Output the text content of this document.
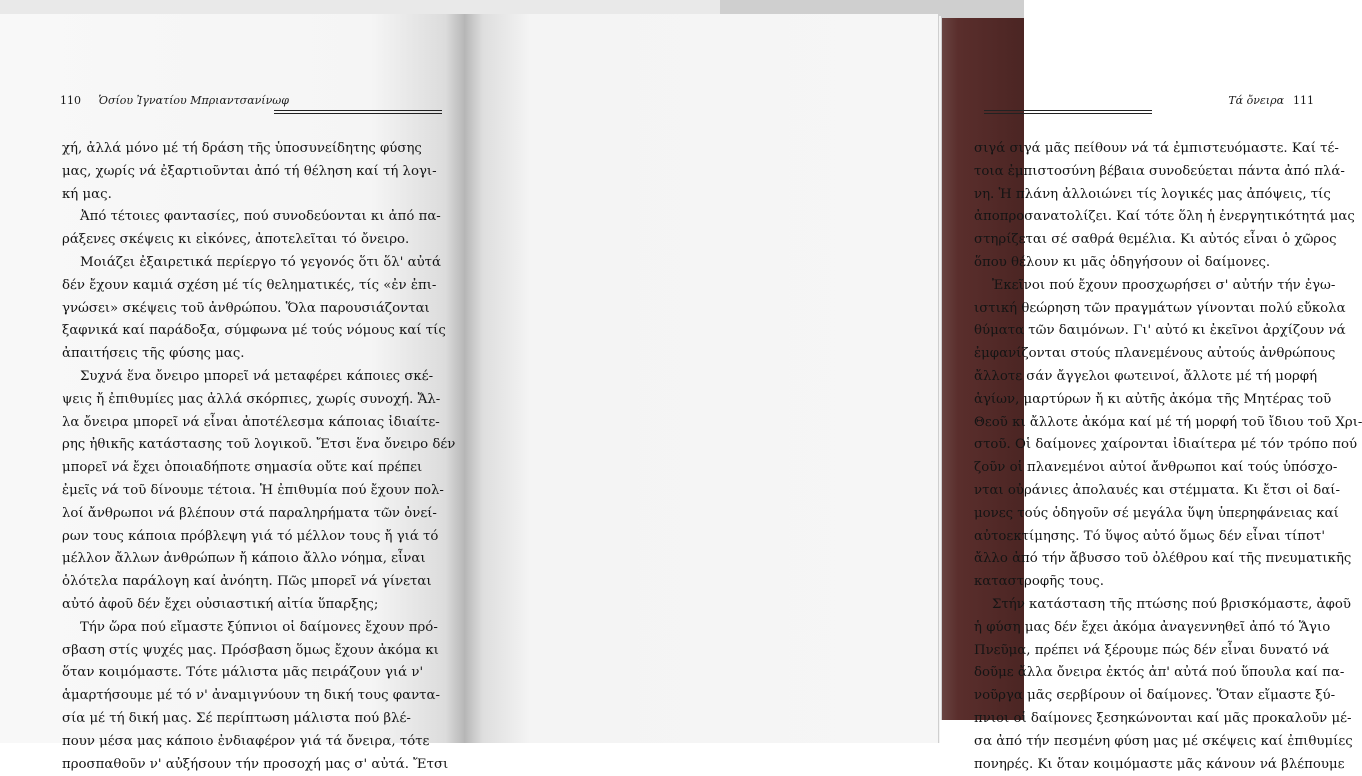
110 Ὁσίου Ἰγνατίου Μπριαντσανίνωφ
χή, ἀλλά μόνο μέ τή δράση τῆς ὑποσυνείδητης φύσης
μας, χωρίς νά ἐξαρτιοῦνται ἀπό τή θέληση καί τή λογι-
κή μας.
Ἀπό τέτοιες φαντασίες, πού συνοδεύονται κι ἀπό πα-
ράξενες σκέψεις κι εἰκόνες, ἀποτελεῖται τό ὄνειρο.
Μοιάζει ἐξαιρετικά περίεργο τό γεγονός ὅτι ὅλ' αὐτά
δέν ἔχουν καμιά σχέση μέ τίς θεληματικές, τίς «ἐν ἐπι-
γνώσει» σκέψεις τοῦ ἀνθρώπου. Ὅλα παρουσιάζονται
ξαφνικά καί παράδοξα, σύμφωνα μέ τούς νόμους καί τίς
ἀπαιτήσεις τῆς φύσης μας.
Συχνά ἕνα ὄνειρο μπορεῖ νά μεταφέρει κάποιες σκέ-
ψεις ἤ ἐπιθυμίες μας ἀλλά σκόρπιες, χωρίς συνοχή. Ἄλ-
λα ὄνειρα μπορεῖ νά εἶναι ἀποτέλεσμα κάποιας ἰδιαίτε-
ρης ἠθικῆς κατάστασης τοῦ λογικοῦ. Ἔτσι ἕνα ὄνειρο δέν
μπορεῖ νά ἔχει ὁποιαδήποτε σημασία οὔτε καί πρέπει
ἐμεῖς νά τοῦ δίνουμε τέτοια. Ἡ ἐπιθυμία πού ἔχουν πολ-
λοί ἄνθρωποι νά βλέπουν στά παραληρήματα τῶν ὀνεί-
ρων τους κάποια πρόβλεψη γιά τό μέλλον τους ἤ γιά τό
μέλλον ἄλλων ἀνθρώπων ἤ κάποιο ἄλλο νόημα, εἶναι
ὁλότελα παράλογη καί ἀνόητη. Πῶς μπορεῖ νά γίνεται
αὐτό ἀφοῦ δέν ἔχει οὐσιαστική αἰτία ὕπαρξης;
Τήν ὥρα πού εἴμαστε ξύπνιοι οἱ δαίμονες ἔχουν πρό-
σβαση στίς ψυχές μας. Πρόσβαση ὅμως ἔχουν ἀκόμα κι
ὅταν κοιμόμαστε. Τότε μάλιστα μᾶς πειράζουν γιά ν'
ἁμαρτήσουμε μέ τό ν' ἀναμιγνύουν τη δική τους φαντα-
σία μέ τή δική μας. Σέ περίπτωση μάλιστα πού βλέ-
πουν μέσα μας κάποιο ἐνδιαφέρον γιά τά ὄνειρα, τότε
προσπαθοῦν ν' αὐξήσουν τήν προσοχή μας σ' αὐτά. Ἔτσι
Τά ὄνειρα 111
σιγά σιγά μᾶς πείθουν νά τά ἐμπιστευόμαστε. Καί τέ-
τοια ἐμπιστοσύνη βέβαια συνοδεύεται πάντα ἀπό πλά-
νη. Ἡ πλάνη ἀλλοιώνει τίς λογικές μας ἀπόψεις, τίς
ἀποπροσανατολίζει. Καί τότε ὅλη ἡ ἐνεργητικότητά μας
στηρίζεται σέ σαθρά θεμέλια. Κι αὐτός εἶναι ὁ χῶρος
ὅπου θέλουν κι μᾶς ὁδηγήσουν οἱ δαίμονες.
Ἐκεῖνοι πού ἔχουν προσχωρήσει σ' αὐτήν τήν ἐγω-
ιστική θεώρηση τῶν πραγμάτων γίνονται πολύ εὔκολα
θύματα τῶν δαιμόνων. Γι' αὐτό κι ἐκεῖνοι ἀρχίζουν νά
ἐμφανίζονται στούς πλανεμένους αὐτούς ἀνθρώπους
ἄλλοτε σάν ἄγγελοι φωτεινοί, ἄλλοτε μέ τή μορφή
ἁγίων, μαρτύρων ἤ κι αὐτῆς ἀκόμα τῆς Μητέρας τοῦ
Θεοῦ κι ἄλλοτε ἀκόμα καί μέ τή μορφή τοῦ ἴδιου τοῦ Χρι-
στοῦ. Οἱ δαίμονες χαίρονται ἰδιαίτερα μέ τόν τρόπο πού
ζοῦν οἱ πλανεμένοι αὐτοί ἄνθρωποι καί τούς ὑπόσχο-
νται οὐράνιες ἀπολαυές και στέμματα. Κι ἔτσι οἱ δαί-
μονες τούς ὁδηγοῦν σέ μεγάλα ὕψη ὑπερηφάνειας καί
αὐτοεκτίμησης. Τό ὕψος αὐτό ὅμως δέν εἶναι τίποτ'
ἄλλο ἀπό τήν ἄβυσσο τοῦ ὀλέθρου καί τῆς πνευματικῆς
καταστροφῆς τους.
Στήν κατάσταση τῆς πτώσης πού βρισκόμαστε, ἀφοῦ
ἡ φύση μας δέν ἔχει ἀκόμα ἀναγεννηθεῖ ἀπό τό Ἅγιο
Πνεῦμα, πρέπει νά ξέρουμε πώς δέν εἶναι δυνατό νά
δοῦμε ἄλλα ὄνειρα ἐκτός ἀπ' αὐτά πού ὕπουλα καί πα-
νοῦργα μᾶς σερβίρουν οἱ δαίμονες. Ὅταν εἴμαστε ξύ-
πνιοι οἱ δαίμονες ξεσηκώνονται καί μᾶς προκαλοῦν μέ-
σα ἀπό τήν πεσμένη φύση μας μέ σκέψεις καί ἐπιθυμίες
πονηρές. Κι ὅταν κοιμόμαστε μᾶς κάνουν νά βλέπουμε
